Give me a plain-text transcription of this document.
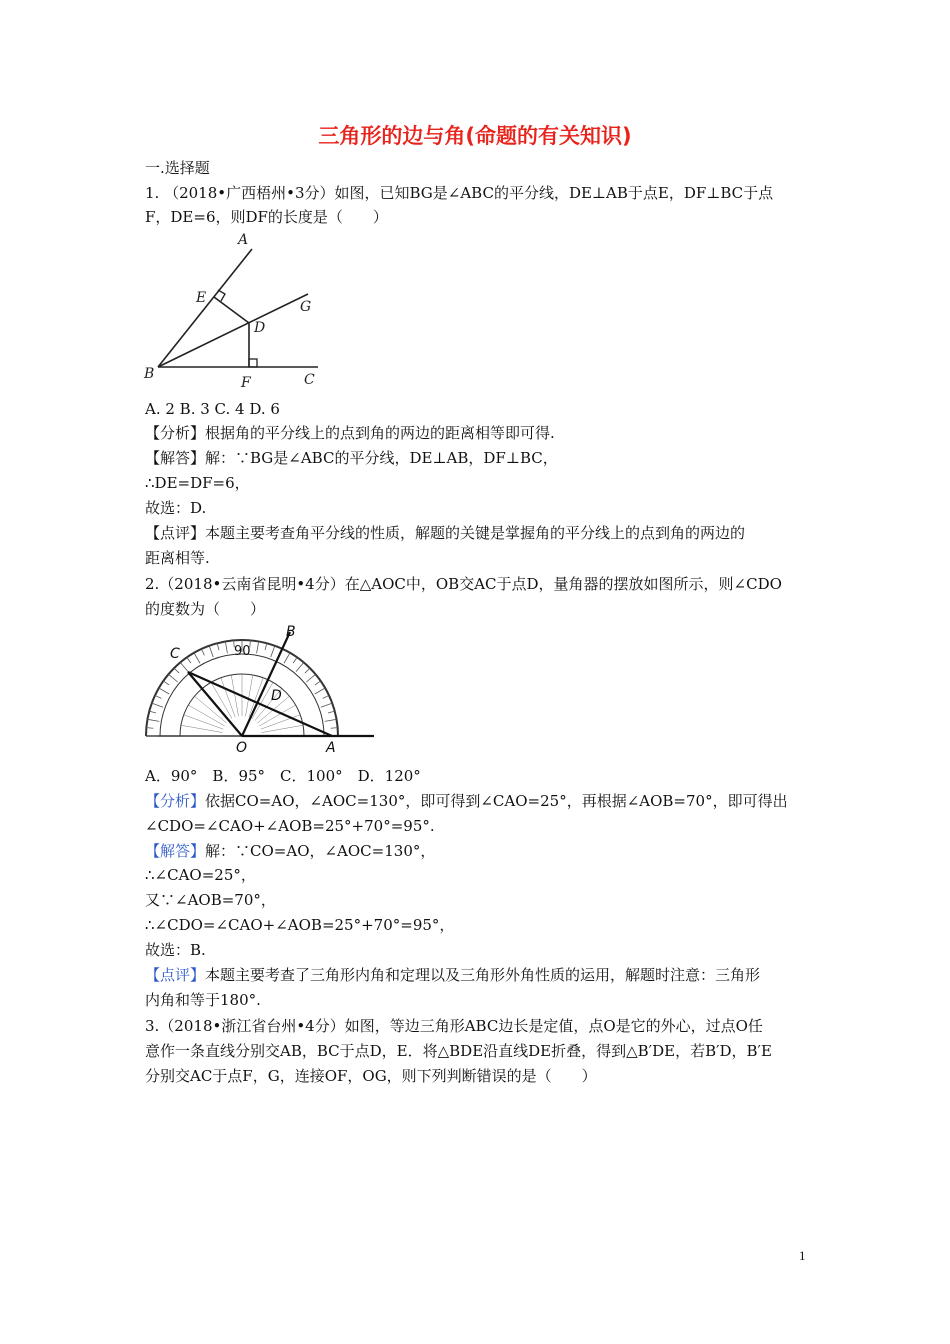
三角形的边与角(命题的有关知识)
一.选择题
1. （2018•广西梧州•3分）如图，已知BG是∠ABC的平分线，DE⊥AB于点E，DF⊥BC于点
F，DE=6，则DF的长度是（　　）
A
E
G
D
B
F	C
A. 2 B. 3 C. 4 D. 6
【分析】根据角的平分线上的点到角的两边的距离相等即可得.
【解答】解：∵BG是∠ABC的平分线，DE⊥AB，DF⊥BC，
∴DE=DF=6，
故选：D.
【点评】本题主要考查角平分线的性质，解题的关键是掌握角的平分线上的点到角的两边的
距离相等.
2.（2018•云南省昆明•4分）在△AOC中，OB交AC于点D，量角器的摆放如图所示，则∠CDO
的度数为（　　）
C
B
D
O	A
90
A．90°　B．95°　C．100°　D．120°
【分析】依据CO=AO，∠AOC=130°，即可得到∠CAO=25°，再根据∠AOB=70°，即可得出
∠CDO=∠CAO+∠AOB=25°+70°=95°.
【解答】解：∵CO=AO，∠AOC=130°，
∴∠CAO=25°，
又∵∠AOB=70°，
∴∠CDO=∠CAO+∠AOB=25°+70°=95°，
故选：B.
【点评】本题主要考查了三角形内角和定理以及三角形外角性质的运用，解题时注意：三角形
内角和等于180°.
3.（2018•浙江省台州•4分）如图，等边三角形ABC边长是定值，点O是它的外心，过点O任
意作一条直线分别交AB，BC于点D，E．将△BDE沿直线DE折叠，得到△B′DE，若B′D，B′E
分别交AC于点F，G，连接OF，OG，则下列判断错误的是（　　）
1
